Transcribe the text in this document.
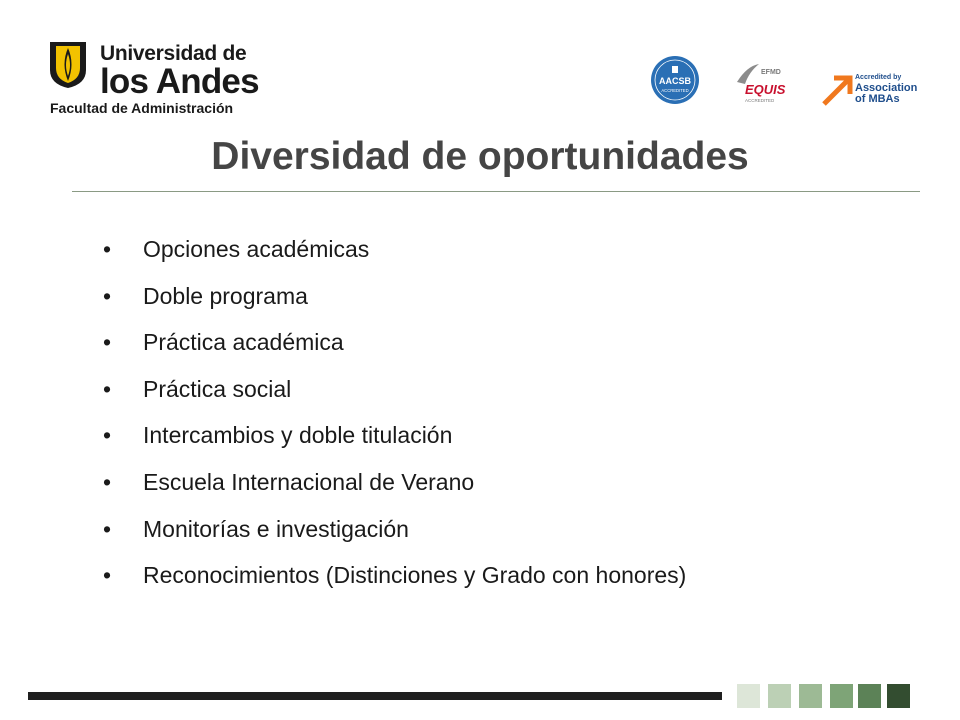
Universidad de
los Andes
Facultad de Administración
AACSB
ACCREDITED
EFMD
EQUIS
ACCREDITED
Accredited by
Association
of MBAs
Diversidad de oportunidades
• Opciones académicas
• Doble programa
• Práctica académica
• Práctica social
• Intercambios y doble titulación
• Escuela Internacional de Verano
• Monitorías e investigación
• Reconocimientos (Distinciones y Grado con honores)
